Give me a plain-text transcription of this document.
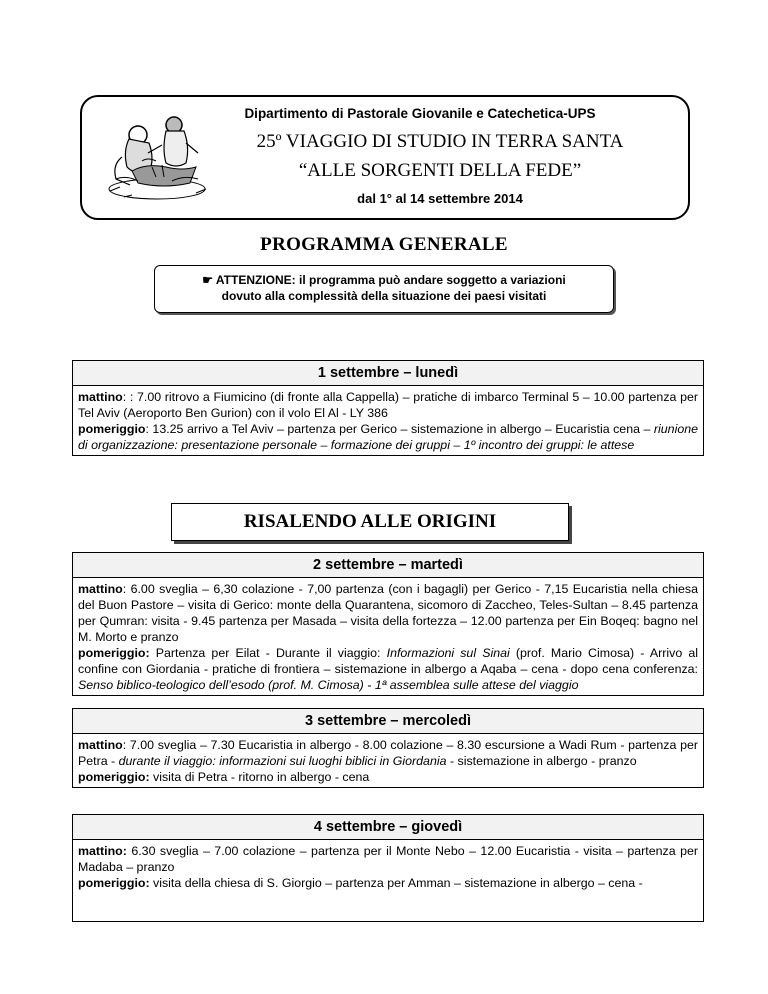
Dipartimento di Pastorale Giovanile e Catechetica-UPS
25º VIAGGIO DI STUDIO IN TERRA SANTA
“ALLE SORGENTI DELLA FEDE”
dal 1° al 14 settembre 2014
PROGRAMMA GENERALE
☛ ATTENZIONE: il programma può andare soggetto a variazioni
dovuto alla complessità della situazione dei paesi visitati
1 settembre – lunedì

mattino: : 7.00 ritrovo a Fiumicino (di fronte alla Cappella) – pratiche di imbarco Terminal 5 – 10.00 partenza per Tel Aviv (Aeroporto Ben Gurion) con il volo El Al - LY 386

pomeriggio: 13.25 arrivo a Tel Aviv – partenza per Gerico – sistemazione in albergo – Eucaristia cena – riunione di organizzazione: presentazione personale – formazione dei gruppi – 1º incontro dei gruppi: le attese

RISALENDO ALLE ORIGINI
2 settembre – martedì

mattino: 6.00 sveglia – 6,30 colazione - 7,00 partenza (con i bagagli) per Gerico - 7,15 Eucaristia nella chiesa del Buon Pastore – visita di Gerico: monte della Quarantena, sicomoro di Zaccheo, Teles-Sultan – 8.45 partenza per Qumran: visita - 9.45 partenza per Masada – visita della fortezza – 12.00 partenza per Ein Boqeq: bagno nel M. Morto e pranzo

pomeriggio: Partenza per Eilat - Durante il viaggio: Informazioni sul Sinai (prof. Mario Cimosa) - Arrivo al confine con Giordania - pratiche di frontiera – sistemazione in albergo a Aqaba – cena - dopo cena conferenza: Senso biblico-teologico dell’esodo (prof. M. Cimosa) - 1ª assemblea sulle attese del viaggio

3 settembre – mercoledì

mattino: 7.00 sveglia – 7.30 Eucaristia in albergo - 8.00 colazione – 8.30 escursione a Wadi Rum - partenza per Petra - durante il viaggio: informazioni sui luoghi biblici in Giordania - sistemazione in albergo - pranzo

pomeriggio: visita di Petra - ritorno in albergo - cena

4 settembre – giovedì

mattino: 6.30 sveglia – 7.00 colazione – partenza per il Monte Nebo – 12.00 Eucaristia - visita – partenza per Madaba – pranzo

pomeriggio: visita della chiesa di S. Giorgio – partenza per Amman – sistemazione in albergo – cena -
